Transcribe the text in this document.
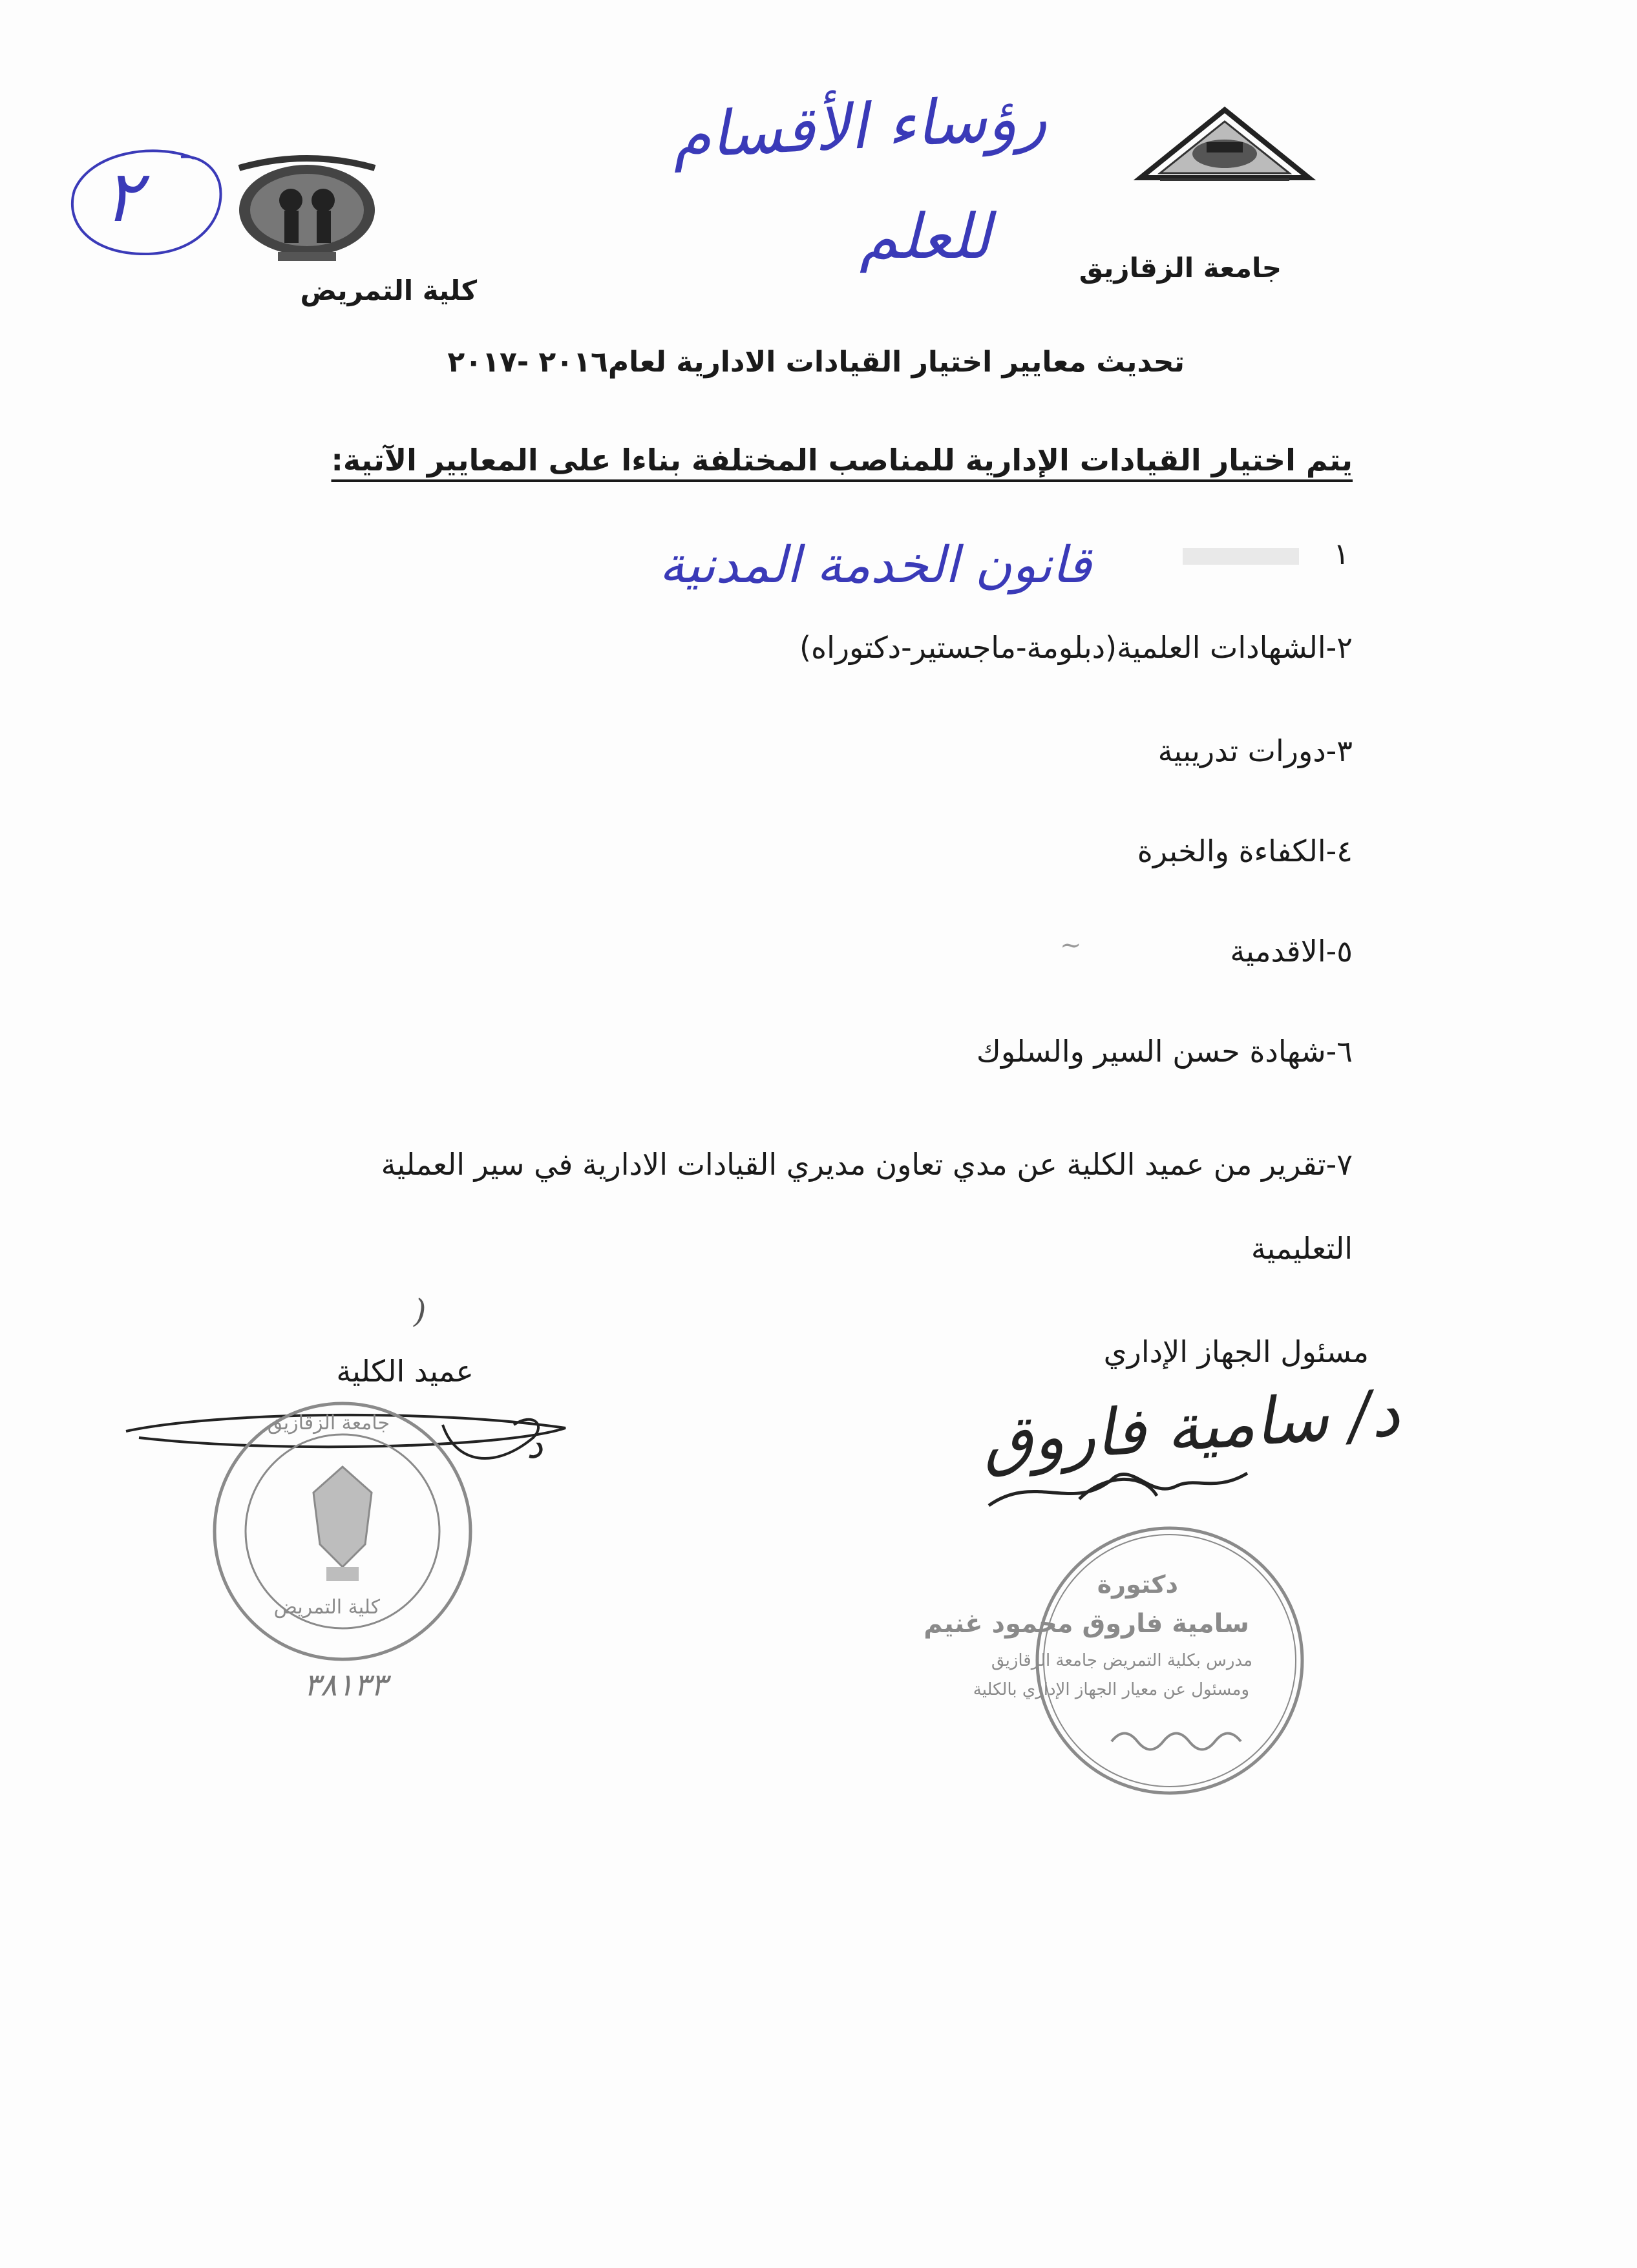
٢
رؤساء الأقسام
للعلم	جامعة الزقازيق
كلية التمريض
تحديث معايير اختيار القيادات الادارية لعام٢٠١٦ -٢٠١٧
يتم اختيار القيادات الإدارية للمناصب المختلفة بناءا على المعايير الآتية:
١
قانون الخدمة المدنية
٢-الشهادات العلمية(دبلومة-ماجستير-دكتوراه)
٣-دورات تدريبية
٤-الكفاءة والخبرة
٥-الاقدمية
٦-شهادة حسن السير والسلوك
٧-تقرير من عميد الكلية عن مدي تعاون مديري القيادات الادارية في سير العملية
التعليمية
مسئول الجهاز الإداري
عميد الكلية
د/ سامية فاروق
د
جامعة الزقازيق
كلية التمريض
٣٨١٣٣
دكتورة
سامية فاروق محمود غنيم
مدرس بكلية التمريض جامعة الزقازيق
ومسئول عن معيار الجهاز الإداري بالكلية
~
(
